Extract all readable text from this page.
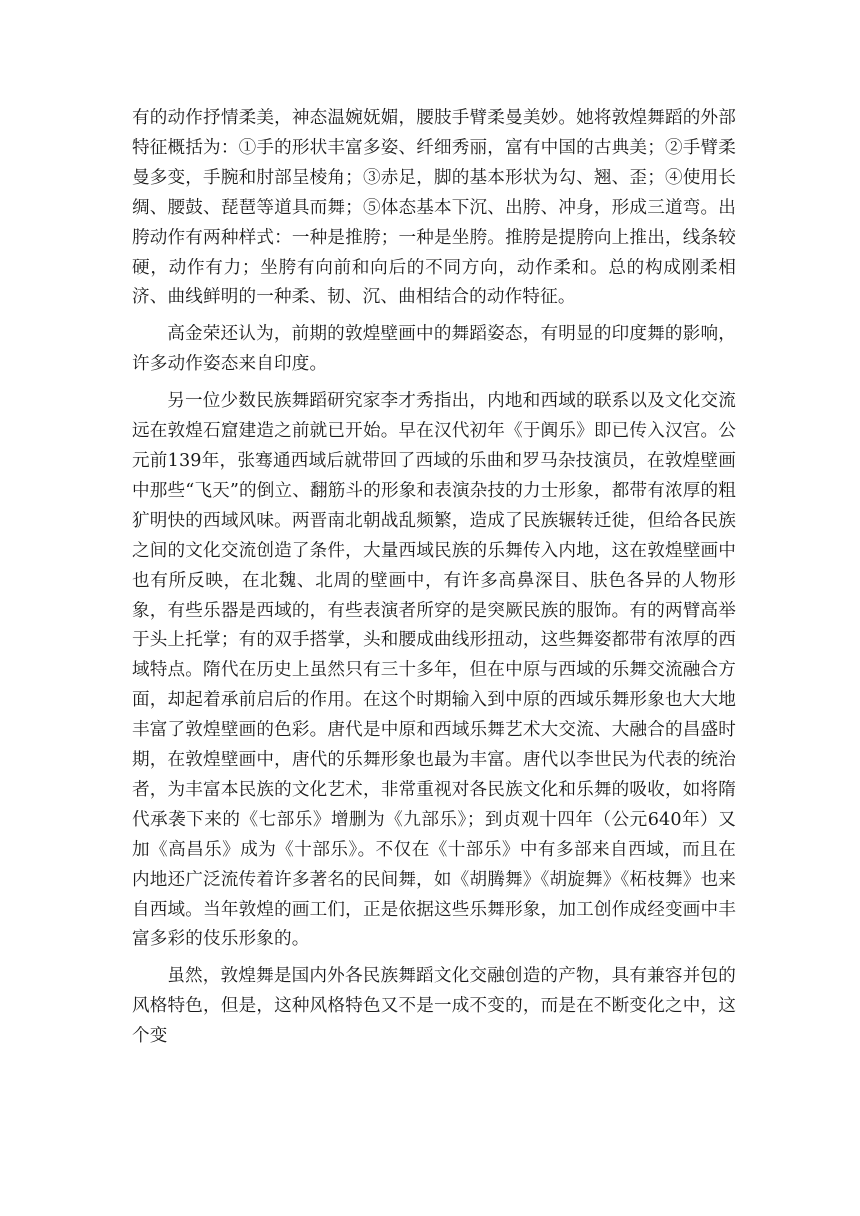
有的动作抒情柔美，神态温婉妩媚，腰肢手臂柔曼美妙。她将敦煌舞蹈的外部特征概括为：①手的形状丰富多姿、纤细秀丽，富有中国的古典美；②手臂柔曼多变，手腕和肘部呈棱角；③赤足，脚的基本形状为勾、翘、歪；④使用长绸、腰鼓、琵琶等道具而舞；⑤体态基本下沉、出胯、冲身，形成三道弯。出胯动作有两种样式：一种是推胯；一种是坐胯。推胯是提胯向上推出，线条较硬，动作有力；坐胯有向前和向后的不同方向，动作柔和。总的构成刚柔相济、曲线鲜明的一种柔、韧、沉、曲相结合的动作特征。

高金荣还认为，前期的敦煌壁画中的舞蹈姿态，有明显的印度舞的影响，许多动作姿态来自印度。

另一位少数民族舞蹈研究家李才秀指出，内地和西域的联系以及文化交流远在敦煌石窟建造之前就已开始。早在汉代初年《于阗乐》即已传入汉宫。公元前139年，张骞通西域后就带回了西域的乐曲和罗马杂技演员，在敦煌壁画中那些“飞天”的倒立、翻筋斗的形象和表演杂技的力士形象，都带有浓厚的粗犷明快的西域风味。两晋南北朝战乱频繁，造成了民族辗转迁徙，但给各民族之间的文化交流创造了条件，大量西域民族的乐舞传入内地，这在敦煌壁画中也有所反映，在北魏、北周的壁画中，有许多高鼻深目、肤色各异的人物形象，有些乐器是西域的，有些表演者所穿的是突厥民族的服饰。有的两臂高举于头上托掌；有的双手搭掌，头和腰成曲线形扭动，这些舞姿都带有浓厚的西域特点。隋代在历史上虽然只有三十多年，但在中原与西域的乐舞交流融合方面，却起着承前启后的作用。在这个时期输入到中原的西域乐舞形象也大大地丰富了敦煌壁画的色彩。唐代是中原和西域乐舞艺术大交流、大融合的昌盛时期，在敦煌壁画中，唐代的乐舞形象也最为丰富。唐代以李世民为代表的统治者，为丰富本民族的文化艺术，非常重视对各民族文化和乐舞的吸收，如将隋代承袭下来的《七部乐》增删为《九部乐》；到贞观十四年（公元640年）又加《高昌乐》成为《十部乐》。不仅在《十部乐》中有多部来自西域，而且在内地还广泛流传着许多著名的民间舞，如《胡腾舞》《胡旋舞》《柘枝舞》也来自西域。当年敦煌的画工们，正是依据这些乐舞形象，加工创作成经变画中丰富多彩的伎乐形象的。

虽然，敦煌舞是国内外各民族舞蹈文化交融创造的产物，具有兼容并包的风格特色，但是，这种风格特色又不是一成不变的，而是在不断变化之中，这个变
